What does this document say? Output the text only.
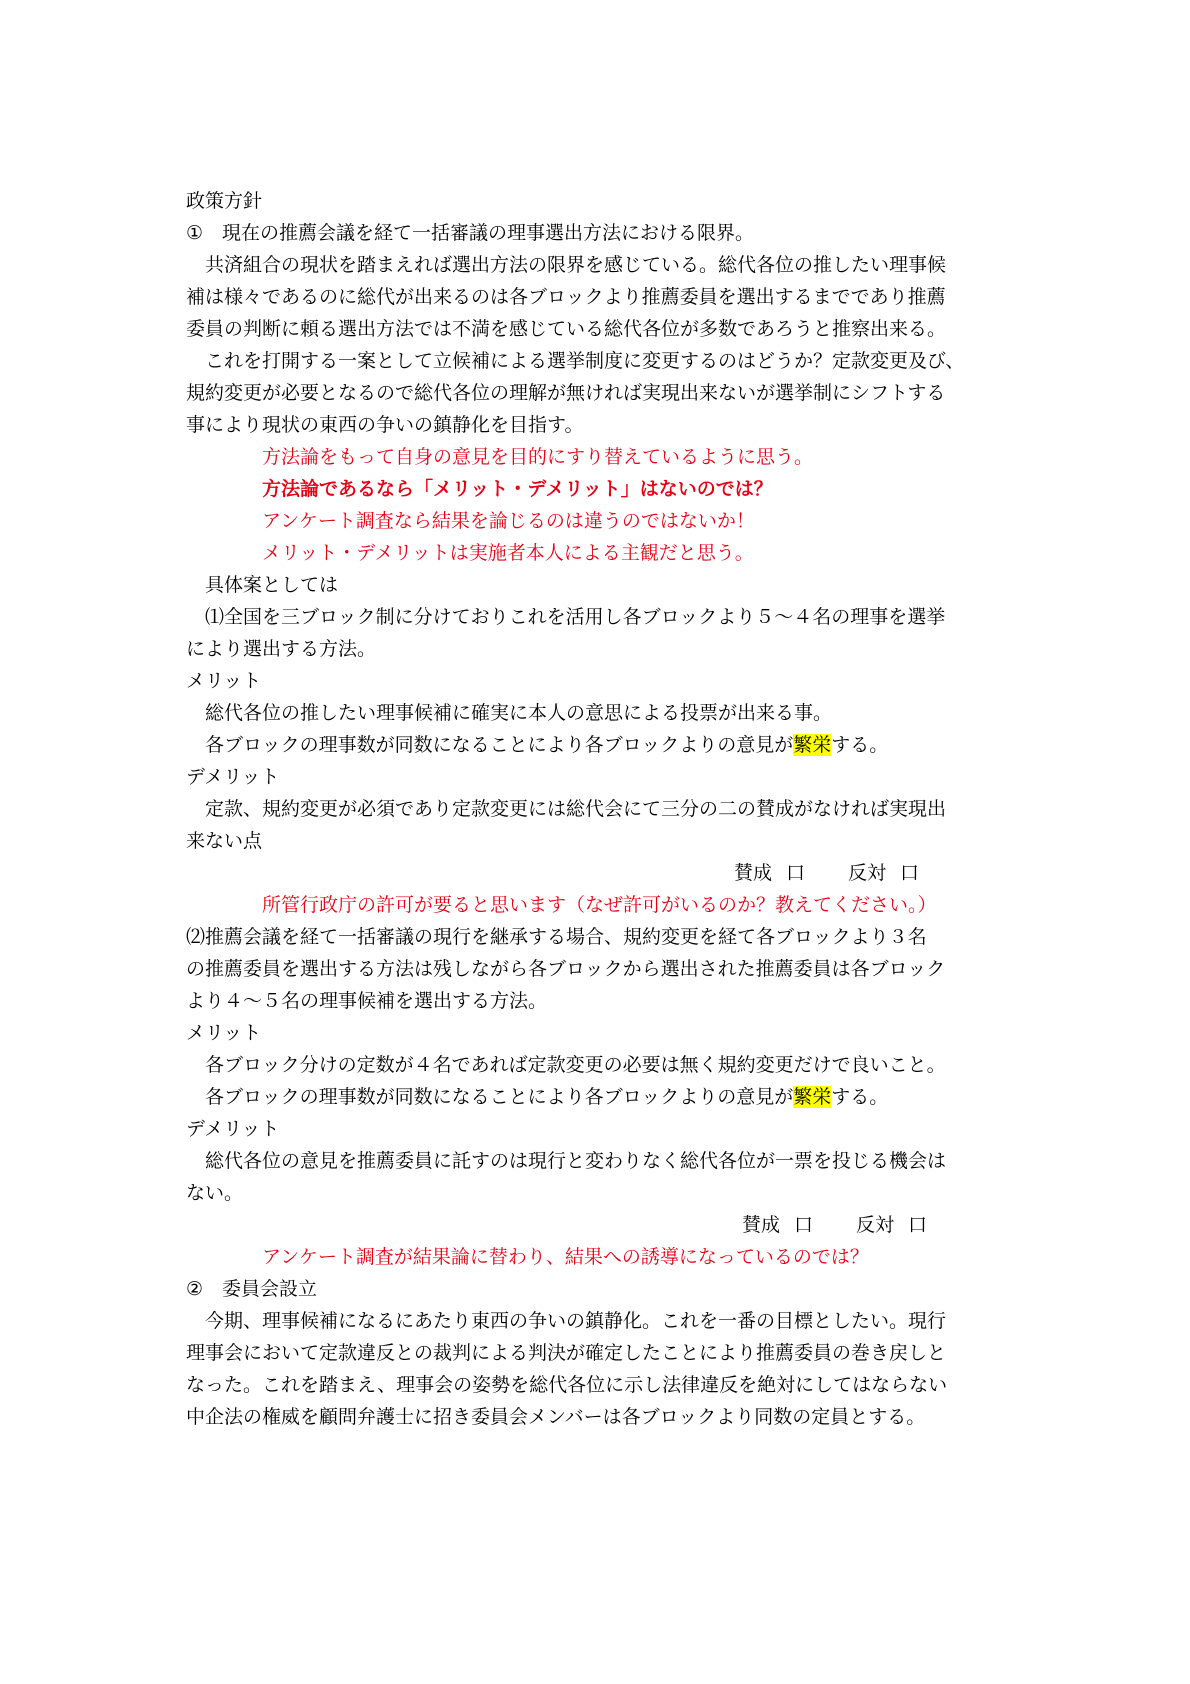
政策方針
①　現在の推薦会議を経て一括審議の理事選出方法における限界。
　共済組合の現状を踏まえれば選出方法の限界を感じている。総代各位の推したい理事候
補は様々であるのに総代が出来るのは各ブロックより推薦委員を選出するまでであり推薦
委員の判断に頼る選出方法では不満を感じている総代各位が多数であろうと推察出来る。
　これを打開する一案として立候補による選挙制度に変更するのはどうか？定款変更及び、
規約変更が必要となるので総代各位の理解が無ければ実現出来ないが選挙制にシフトする
事により現状の東西の争いの鎮静化を目指す。
方法論をもって自身の意見を目的にすり替えているように思う。
方法論であるなら「メリット・デメリット」はないのでは？
アンケート調査なら結果を論じるのは違うのではないか！
メリット・デメリットは実施者本人による主観だと思う。
　具体案としては
　⑴全国を三ブロック制に分けておりこれを活用し各ブロックより５～４名の理事を選挙
により選出する方法。
メリット
　総代各位の推したい理事候補に確実に本人の意思による投票が出来る事。
　各ブロックの理事数が同数になることにより各ブロックよりの意見が繁栄する。
デメリット
　定款、規約変更が必須であり定款変更には総代会にて三分の二の賛成がなければ実現出
来ない点
賛成 口 反対 口
所管行政庁の許可が要ると思います（なぜ許可がいるのか？教えてください。）
⑵推薦会議を経て一括審議の現行を継承する場合、規約変更を経て各ブロックより３名
の推薦委員を選出する方法は残しながら各ブロックから選出された推薦委員は各ブロック
より４～５名の理事候補を選出する方法。
メリット
　各ブロック分けの定数が４名であれば定款変更の必要は無く規約変更だけで良いこと。
　各ブロックの理事数が同数になることにより各ブロックよりの意見が繁栄する。
デメリット
　総代各位の意見を推薦委員に託すのは現行と変わりなく総代各位が一票を投じる機会は
ない。
賛成 口 反対 口
アンケート調査が結果論に替わり、結果への誘導になっているのでは？
②　委員会設立
　今期、理事候補になるにあたり東西の争いの鎮静化。これを一番の目標としたい。現行
理事会において定款違反との裁判による判決が確定したことにより推薦委員の巻き戻しと
なった。これを踏まえ、理事会の姿勢を総代各位に示し法律違反を絶対にしてはならない
中企法の権威を顧問弁護士に招き委員会メンバーは各ブロックより同数の定員とする。
